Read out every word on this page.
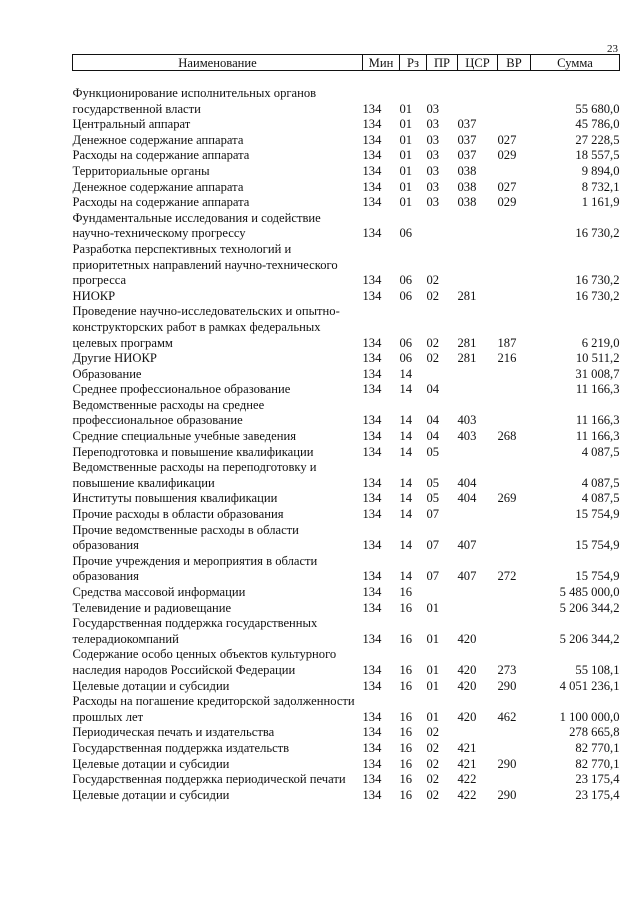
23
Наименование	Мин	Рз	ПР	ЦСР	ВР	Сумма

Функционирование исполнительных органов государственной власти	134	01	03			55 680,0
Центральный аппарат	134	01	03	037		45 786,0
Денежное содержание аппарата	134	01	03	037	027	27 228,5
Расходы на содержание аппарата	134	01	03	037	029	18 557,5
Территориальные органы	134	01	03	038		9 894,0
Денежное содержание аппарата	134	01	03	038	027	8 732,1
Расходы на содержание аппарата	134	01	03	038	029	1 161,9
Фундаментальные исследования и содействие научно-техническому прогрессу	134	06				16 730,2
Разработка перспективных технологий и приоритетных направлений научно-технического прогресса	134	06	02			16 730,2
НИОКР	134	06	02	281		16 730,2
Проведение научно-исследовательских и опытно-конструкторских работ в рамках федеральных целевых программ	134	06	02	281	187	6 219,0
Другие НИОКР	134	06	02	281	216	10 511,2
Образование	134	14				31 008,7
Среднее профессиональное образование	134	14	04			11 166,3
Ведомственные расходы на среднее профессиональное образование	134	14	04	403		11 166,3
Средние специальные учебные заведения	134	14	04	403	268	11 166,3
Переподготовка и повышение квалификации	134	14	05			4 087,5
Ведомственные расходы на переподготовку и повышение квалификации	134	14	05	404		4 087,5
Институты повышения квалификации	134	14	05	404	269	4 087,5
Прочие расходы в области образования	134	14	07			15 754,9
Прочие ведомственные расходы в области образования	134	14	07	407		15 754,9
Прочие учреждения и мероприятия в области образования	134	14	07	407	272	15 754,9
Средства массовой информации	134	16				5 485 000,0
Телевидение и радиовещание	134	16	01			5 206 344,2
Государственная поддержка государственных телерадиокомпаний	134	16	01	420		5 206 344,2
Содержание особо ценных объектов культурного наследия народов Российской Федерации	134	16	01	420	273	55 108,1
Целевые дотации и субсидии	134	16	01	420	290	4 051 236,1
Расходы на погашение кредиторской задолженности прошлых лет	134	16	01	420	462	1 100 000,0
Периодическая печать и издательства	134	16	02			278 665,8
Государственная поддержка издательств	134	16	02	421		82 770,1
Целевые дотации и субсидии	134	16	02	421	290	82 770,1
Государственная поддержка периодической печати	134	16	02	422		23 175,4
Целевые дотации и субсидии	134	16	02	422	290	23 175,4
